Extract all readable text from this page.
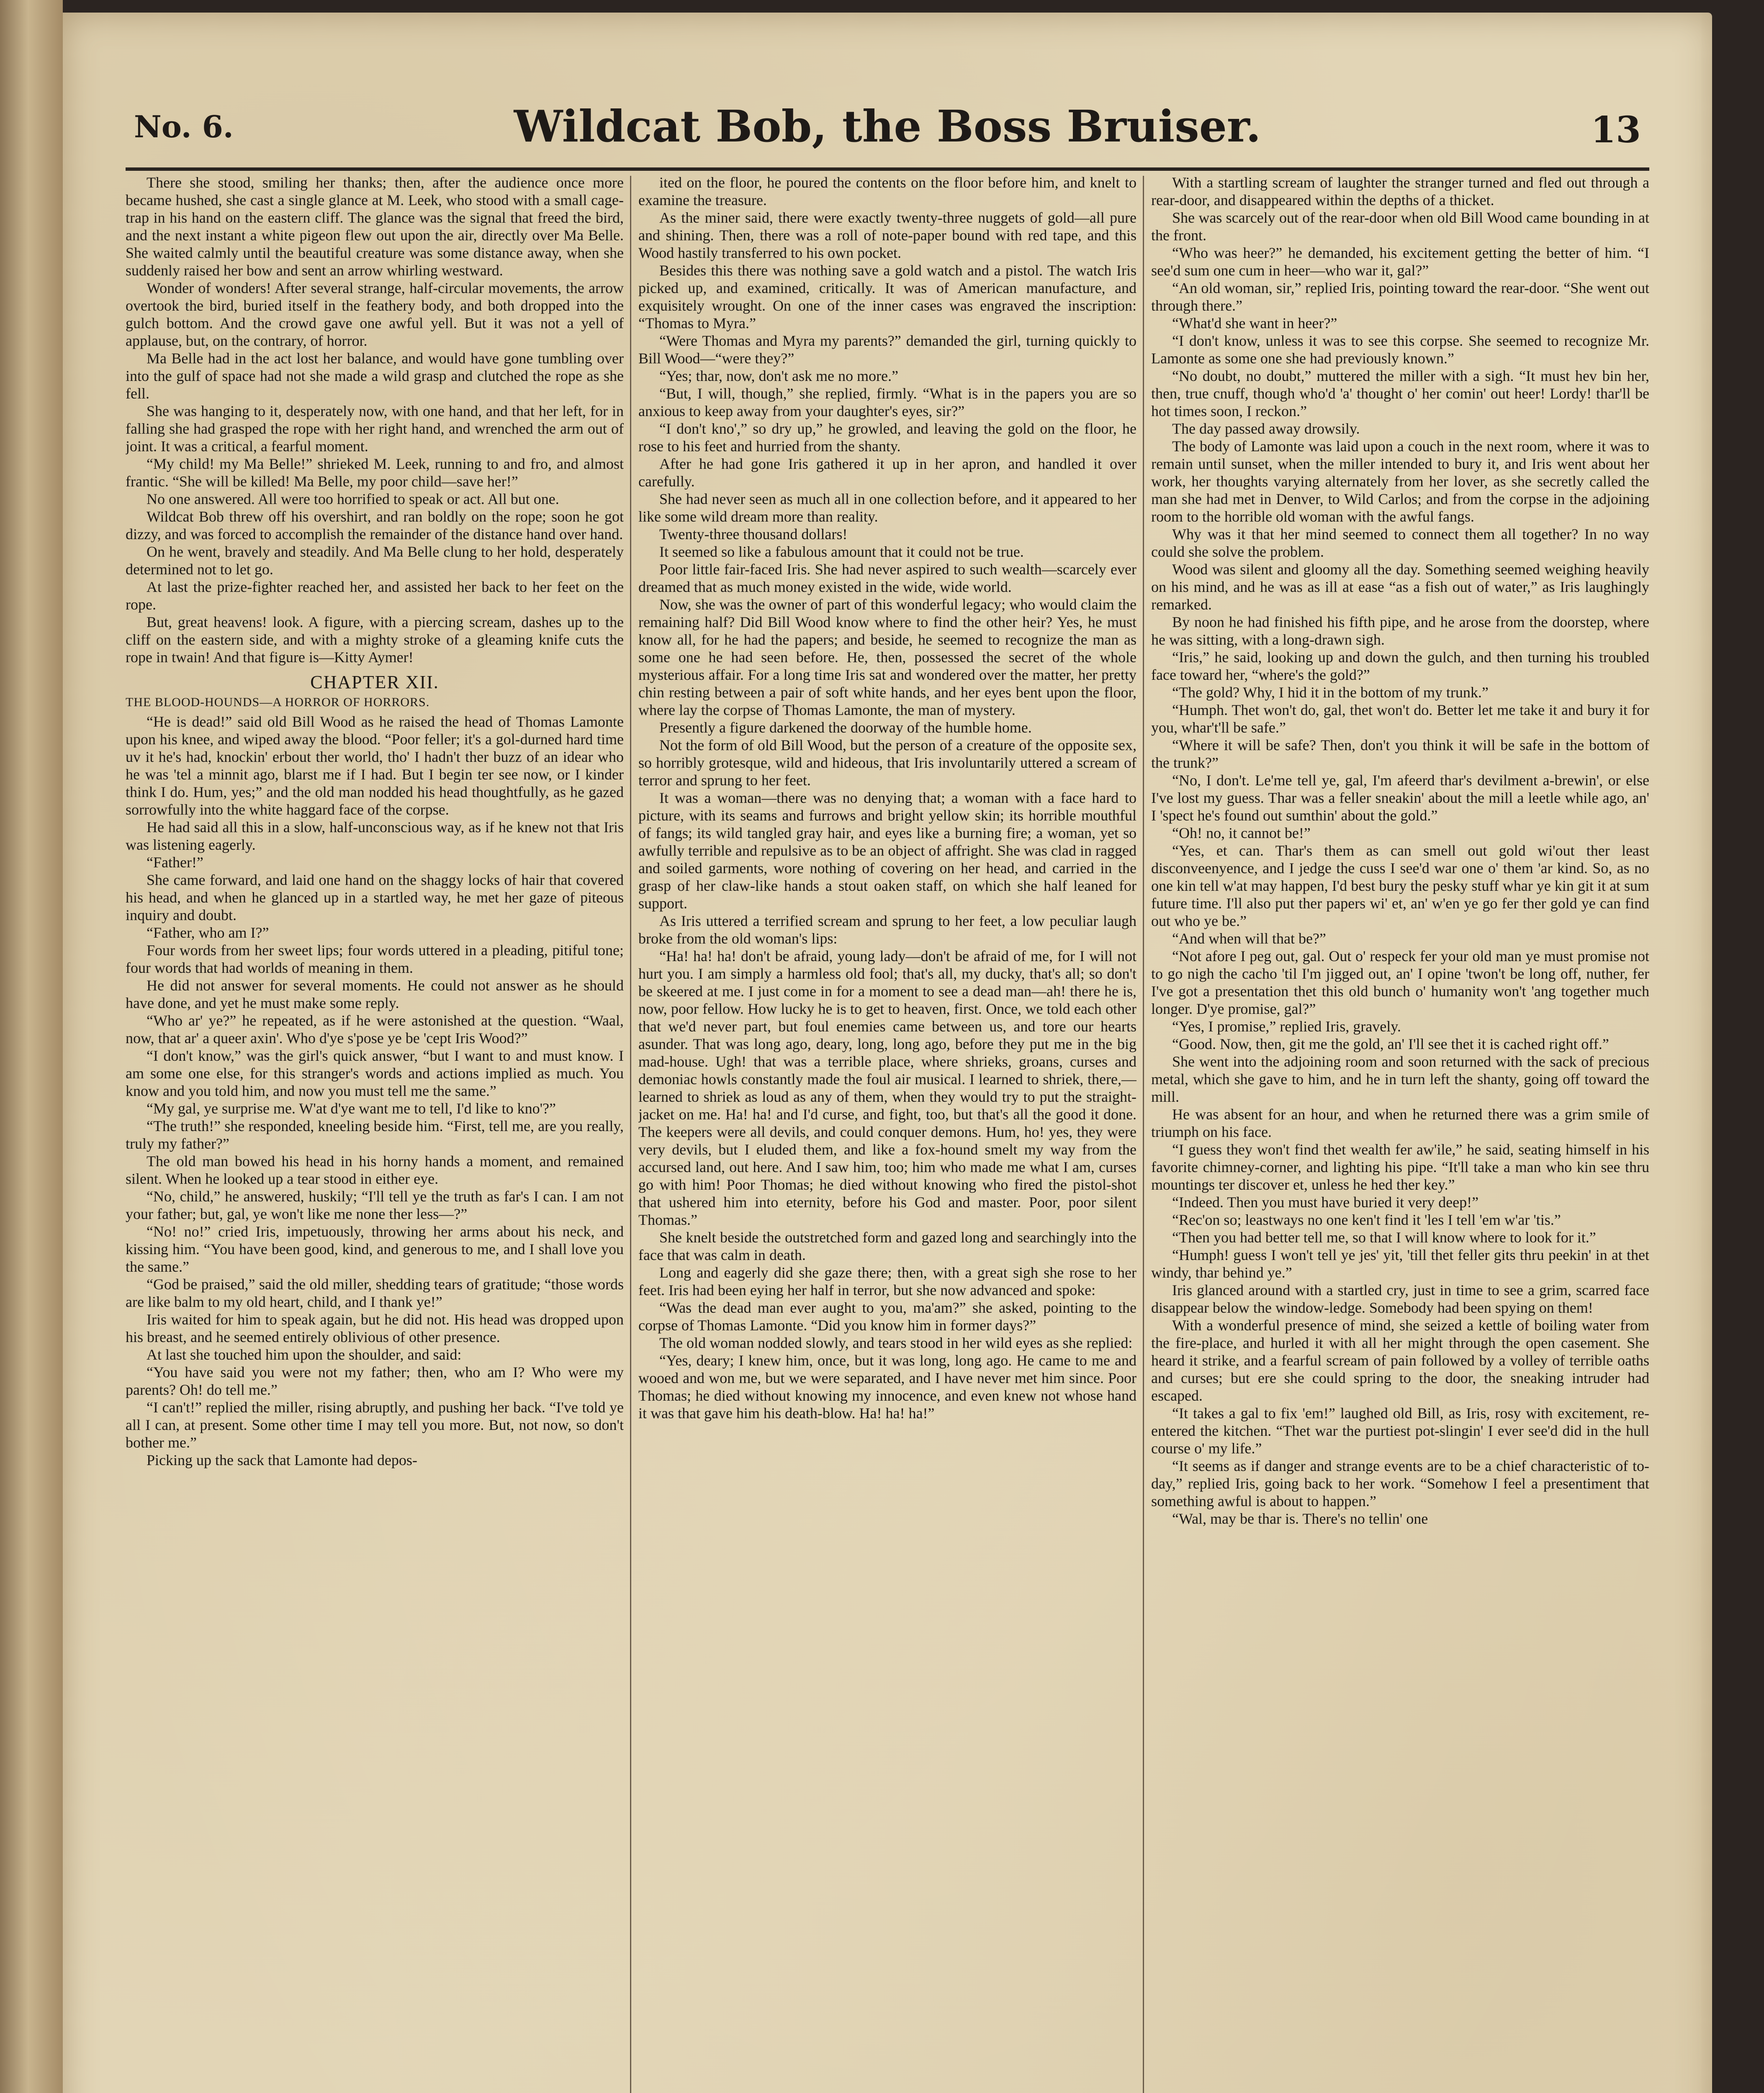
No. 6.	Wildcat Bob, the Boss Bruiser.	13

There she stood, smiling her thanks; then, after the audience once more became hushed, she cast a single glance at M. Leek, who stood with a small cage-trap in his hand on the eastern cliff. The glance was the signal that freed the bird, and the next instant a white pigeon flew out upon the air, directly over Ma Belle. She waited calmly until the beautiful creature was some distance away, when she suddenly raised her bow and sent an arrow whirling westward.

Wonder of wonders! After several strange, half-circular movements, the arrow overtook the bird, buried itself in the feathery body, and both dropped into the gulch bottom. And the crowd gave one awful yell. But it was not a yell of applause, but, on the contrary, of horror.

Ma Belle had in the act lost her balance, and would have gone tumbling over into the gulf of space had not she made a wild grasp and clutched the rope as she fell.

She was hanging to it, desperately now, with one hand, and that her left, for in falling she had grasped the rope with her right hand, and wrenched the arm out of joint. It was a critical, a fearful moment.

“My child! my Ma Belle!” shrieked M. Leek, running to and fro, and almost frantic. “She will be killed! Ma Belle, my poor child—save her!”

No one answered. All were too horrified to speak or act. All but one.

Wildcat Bob threw off his overshirt, and ran boldly on the rope; soon he got dizzy, and was forced to accomplish the remainder of the distance hand over hand.

On he went, bravely and steadily. And Ma Belle clung to her hold, desperately determined not to let go.

At last the prize-fighter reached her, and assisted her back to her feet on the rope.

But, great heavens! look. A figure, with a piercing scream, dashes up to the cliff on the eastern side, and with a mighty stroke of a gleaming knife cuts the rope in twain! And that figure is—Kitty Aymer!

CHAPTER XII.
THE BLOOD-HOUNDS—A HORROR OF HORRORS.

“He is dead!” said old Bill Wood as he raised the head of Thomas Lamonte upon his knee, and wiped away the blood. “Poor feller; it's a gol-durned hard time uv it he's had, knockin' erbout ther world, tho' I hadn't ther buzz of an idear who he was 'tel a minnit ago, blarst me if I had. But I begin ter see now, or I kinder think I do. Hum, yes;” and the old man nodded his head thoughtfully, as he gazed sorrowfully into the white haggard face of the corpse.

He had said all this in a slow, half-unconscious way, as if he knew not that Iris was listening eagerly.

“Father!”

She came forward, and laid one hand on the shaggy locks of hair that covered his head, and when he glanced up in a startled way, he met her gaze of piteous inquiry and doubt.

“Father, who am I?”

Four words from her sweet lips; four words uttered in a pleading, pitiful tone; four words that had worlds of meaning in them.

He did not answer for several moments. He could not answer as he should have done, and yet he must make some reply.

“Who ar' ye?” he repeated, as if he were astonished at the question. “Waal, now, that ar' a queer axin'. Who d'ye s'pose ye be 'cept Iris Wood?”

“I don't know,” was the girl's quick answer, “but I want to and must know. I am some one else, for this stranger's words and actions implied as much. You know and you told him, and now you must tell me the same.”

“My gal, ye surprise me. W'at d'ye want me to tell, I'd like to kno'?”

“The truth!” she responded, kneeling beside him. “First, tell me, are you really, truly my father?”

The old man bowed his head in his horny hands a moment, and remained silent. When he looked up a tear stood in either eye.

“No, child,” he answered, huskily; “I'll tell ye the truth as far's I can. I am not your father; but, gal, ye won't like me none ther less—?”

“No! no!” cried Iris, impetuously, throwing her arms about his neck, and kissing him. “You have been good, kind, and generous to me, and I shall love you the same.”

“God be praised,” said the old miller, shedding tears of gratitude; “those words are like balm to my old heart, child, and I thank ye!”

Iris waited for him to speak again, but he did not. His head was dropped upon his breast, and he seemed entirely oblivious of other presence.

At last she touched him upon the shoulder, and said:

“You have said you were not my father; then, who am I? Who were my parents? Oh! do tell me.”

“I can't!” replied the miller, rising abruptly, and pushing her back. “I've told ye all I can, at present. Some other time I may tell you more. But, not now, so don't bother me.”

Picking up the sack that Lamonte had depos-

ited on the floor, he poured the contents on the floor before him, and knelt to examine the treasure.

As the miner said, there were exactly twenty-three nuggets of gold—all pure and shining. Then, there was a roll of note-paper bound with red tape, and this Wood hastily transferred to his own pocket.

Besides this there was nothing save a gold watch and a pistol. The watch Iris picked up, and examined, critically. It was of American manufacture, and exquisitely wrought. On one of the inner cases was engraved the inscription: “Thomas to Myra.”

“Were Thomas and Myra my parents?” demanded the girl, turning quickly to Bill Wood—“were they?”

“Yes; thar, now, don't ask me no more.”

“But, I will, though,” she replied, firmly. “What is in the papers you are so anxious to keep away from your daughter's eyes, sir?”

“I don't kno',” so dry up,” he growled, and leaving the gold on the floor, he rose to his feet and hurried from the shanty.

After he had gone Iris gathered it up in her apron, and handled it over carefully.

She had never seen as much all in one collection before, and it appeared to her like some wild dream more than reality.

Twenty-three thousand dollars!

It seemed so like a fabulous amount that it could not be true.

Poor little fair-faced Iris. She had never aspired to such wealth—scarcely ever dreamed that as much money existed in the wide, wide world.

Now, she was the owner of part of this wonderful legacy; who would claim the remaining half? Did Bill Wood know where to find the other heir? Yes, he must know all, for he had the papers; and beside, he seemed to recognize the man as some one he had seen before. He, then, possessed the secret of the whole mysterious affair. For a long time Iris sat and wondered over the matter, her pretty chin resting between a pair of soft white hands, and her eyes bent upon the floor, where lay the corpse of Thomas Lamonte, the man of mystery.

Presently a figure darkened the doorway of the humble home.

Not the form of old Bill Wood, but the person of a creature of the opposite sex, so horribly grotesque, wild and hideous, that Iris involuntarily uttered a scream of terror and sprung to her feet.

It was a woman—there was no denying that; a woman with a face hard to picture, with its seams and furrows and bright yellow skin; its horrible mouthful of fangs; its wild tangled gray hair, and eyes like a burning fire; a woman, yet so awfully terrible and repulsive as to be an object of affright. She was clad in ragged and soiled garments, wore nothing of covering on her head, and carried in the grasp of her claw-like hands a stout oaken staff, on which she half leaned for support.

As Iris uttered a terrified scream and sprung to her feet, a low peculiar laugh broke from the old woman's lips:

“Ha! ha! ha! don't be afraid, young lady—don't be afraid of me, for I will not hurt you. I am simply a harmless old fool; that's all, my ducky, that's all; so don't be skeered at me. I just come in for a moment to see a dead man—ah! there he is, now, poor fellow. How lucky he is to get to heaven, first. Once, we told each other that we'd never part, but foul enemies came between us, and tore our hearts asunder. That was long ago, deary, long, long ago, before they put me in the big mad-house. Ugh! that was a terrible place, where shrieks, groans, curses and demoniac howls constantly made the foul air musical. I learned to shriek, there,—learned to shriek as loud as any of them, when they would try to put the straight-jacket on me. Ha! ha! and I'd curse, and fight, too, but that's all the good it done. The keepers were all devils, and could conquer demons. Hum, ho! yes, they were very devils, but I eluded them, and like a fox-hound smelt my way from the accursed land, out here. And I saw him, too; him who made me what I am, curses go with him! Poor Thomas; he died without knowing who fired the pistol-shot that ushered him into eternity, before his God and master. Poor, poor silent Thomas.”

She knelt beside the outstretched form and gazed long and searchingly into the face that was calm in death.

Long and eagerly did she gaze there; then, with a great sigh she rose to her feet. Iris had been eying her half in terror, but she now advanced and spoke:

“Was the dead man ever aught to you, ma'am?” she asked, pointing to the corpse of Thomas Lamonte. “Did you know him in former days?”

The old woman nodded slowly, and tears stood in her wild eyes as she replied:

“Yes, deary; I knew him, once, but it was long, long ago. He came to me and wooed and won me, but we were separated, and I have never met him since. Poor Thomas; he died without knowing my innocence, and even knew not whose hand it was that gave him his death-blow. Ha! ha! ha!”

With a startling scream of laughter the stranger turned and fled out through a rear-door, and disappeared within the depths of a thicket.

She was scarcely out of the rear-door when old Bill Wood came bounding in at the front.

“Who was heer?” he demanded, his excitement getting the better of him. “I see'd sum one cum in heer—who war it, gal?”

“An old woman, sir,” replied Iris, pointing toward the rear-door. “She went out through there.”

“What'd she want in heer?”

“I don't know, unless it was to see this corpse. She seemed to recognize Mr. Lamonte as some one she had previously known.”

“No doubt, no doubt,” muttered the miller with a sigh. “It must hev bin her, then, true cnuff, though who'd 'a' thought o' her comin' out heer! Lordy! thar'll be hot times soon, I reckon.”

The day passed away drowsily.

The body of Lamonte was laid upon a couch in the next room, where it was to remain until sunset, when the miller intended to bury it, and Iris went about her work, her thoughts varying alternately from her lover, as she secretly called the man she had met in Denver, to Wild Carlos; and from the corpse in the adjoining room to the horrible old woman with the awful fangs.

Why was it that her mind seemed to connect them all together? In no way could she solve the problem.

Wood was silent and gloomy all the day. Something seemed weighing heavily on his mind, and he was as ill at ease “as a fish out of water,” as Iris laughingly remarked.

By noon he had finished his fifth pipe, and he arose from the doorstep, where he was sitting, with a long-drawn sigh.

“Iris,” he said, looking up and down the gulch, and then turning his troubled face toward her, “where's the gold?”

“The gold? Why, I hid it in the bottom of my trunk.”

“Humph. Thet won't do, gal, thet won't do. Better let me take it and bury it for you, whar't'll be safe.”

“Where it will be safe? Then, don't you think it will be safe in the bottom of the trunk?”

“No, I don't. Le'me tell ye, gal, I'm afeerd thar's devilment a-brewin', or else I've lost my guess. Thar was a feller sneakin' about the mill a leetle while ago, an' I 'spect he's found out sumthin' about the gold.”

“Oh! no, it cannot be!”

“Yes, et can. Thar's them as can smell out gold wi'out ther least disconveenyence, and I jedge the cuss I see'd war one o' them 'ar kind. So, as no one kin tell w'at may happen, I'd best bury the pesky stuff whar ye kin git it at sum future time. I'll also put ther papers wi' et, an' w'en ye go fer ther gold ye can find out who ye be.”

“And when will that be?”

“Not afore I peg out, gal. Out o' respeck fer your old man ye must promise not to go nigh the cacho 'til I'm jigged out, an' I opine 'twon't be long off, nuther, fer I've got a presentation thet this old bunch o' humanity won't 'ang together much longer. D'ye promise, gal?”

“Yes, I promise,” replied Iris, gravely.

“Good. Now, then, git me the gold, an' I'll see thet it is cached right off.”

She went into the adjoining room and soon returned with the sack of precious metal, which she gave to him, and he in turn left the shanty, going off toward the mill.

He was absent for an hour, and when he returned there was a grim smile of triumph on his face.

“I guess they won't find thet wealth fer aw'ile,” he said, seating himself in his favorite chimney-corner, and lighting his pipe. “It'll take a man who kin see thru mountings ter discover et, unless he hed ther key.”

“Indeed. Then you must have buried it very deep!”

“Rec'on so; leastways no one ken't find it 'les I tell 'em w'ar 'tis.”

“Then you had better tell me, so that I will know where to look for it.”

“Humph! guess I won't tell ye jes' yit, 'till thet feller gits thru peekin' in at thet windy, thar behind ye.”

Iris glanced around with a startled cry, just in time to see a grim, scarred face disappear below the window-ledge. Somebody had been spying on them!

With a wonderful presence of mind, she seized a kettle of boiling water from the fire-place, and hurled it with all her might through the open casement. She heard it strike, and a fearful scream of pain followed by a volley of terrible oaths and curses; but ere she could spring to the door, the sneaking intruder had escaped.

“It takes a gal to fix 'em!” laughed old Bill, as Iris, rosy with excitement, re-entered the kitchen. “Thet war the purtiest pot-slingin' I ever see'd did in the hull course o' my life.”

“It seems as if danger and strange events are to be a chief characteristic of to-day,” replied Iris, going back to her work. “Somehow I feel a presentiment that something awful is about to happen.”

“Wal, may be thar is. There's no tellin' one
